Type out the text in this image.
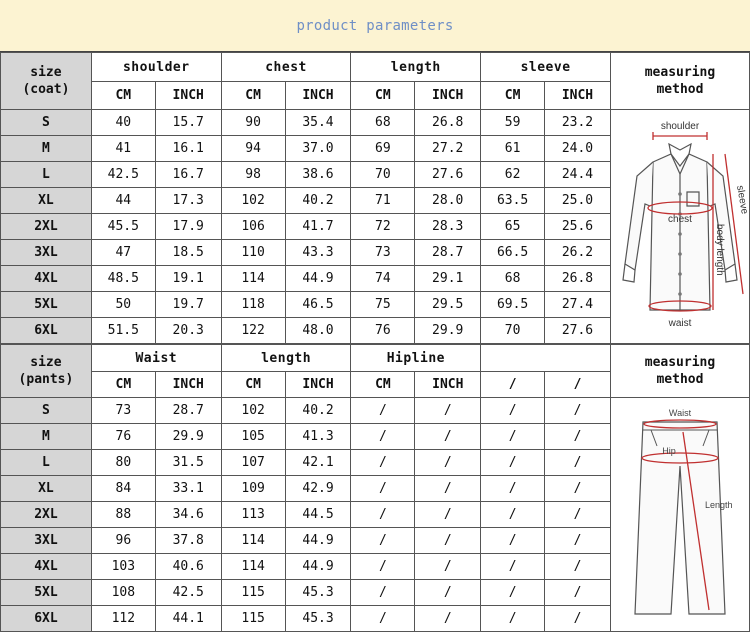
product parameters
size
(coat)	shoulder		chest		length		sleeve		measuring
method

	CM	INCH	CM	INCH	CM	INCH	CM	INCH	
S	40	15.7	90	35.4	68	26.8	59	23.2	shoulder
chest
waist
sleeve
body length

M	41	16.1	94	37.0	69	27.2	61	24.0	
L	42.5	16.7	98	38.6	70	27.6	62	24.4	
XL	44	17.3	102	40.2	71	28.0	63.5	25.0	
2XL	45.5	17.9	106	41.7	72	28.3	65	25.6	
3XL	47	18.5	110	43.3	73	28.7	66.5	26.2	
4XL	48.5	19.1	114	44.9	74	29.1	68	26.8	
5XL	50	19.7	118	46.5	75	29.5	69.5	27.4	
6XL	51.5	20.3	122	48.0	76	29.9	70	27.6	
size
(pants)	Waist		length		Hipline				measuring
method

	CM	INCH	CM	INCH	CM	INCH	/	/	
S	73	28.7	102	40.2	/	/	/	/	Waist
Hip
Length

M	76	29.9	105	41.3	/	/	/	/	
L	80	31.5	107	42.1	/	/	/	/	
XL	84	33.1	109	42.9	/	/	/	/	
2XL	88	34.6	113	44.5	/	/	/	/	
3XL	96	37.8	114	44.9	/	/	/	/	
4XL	103	40.6	114	44.9	/	/	/	/	
5XL	108	42.5	115	45.3	/	/	/	/	
6XL	112	44.1	115	45.3	/	/	/	/	
